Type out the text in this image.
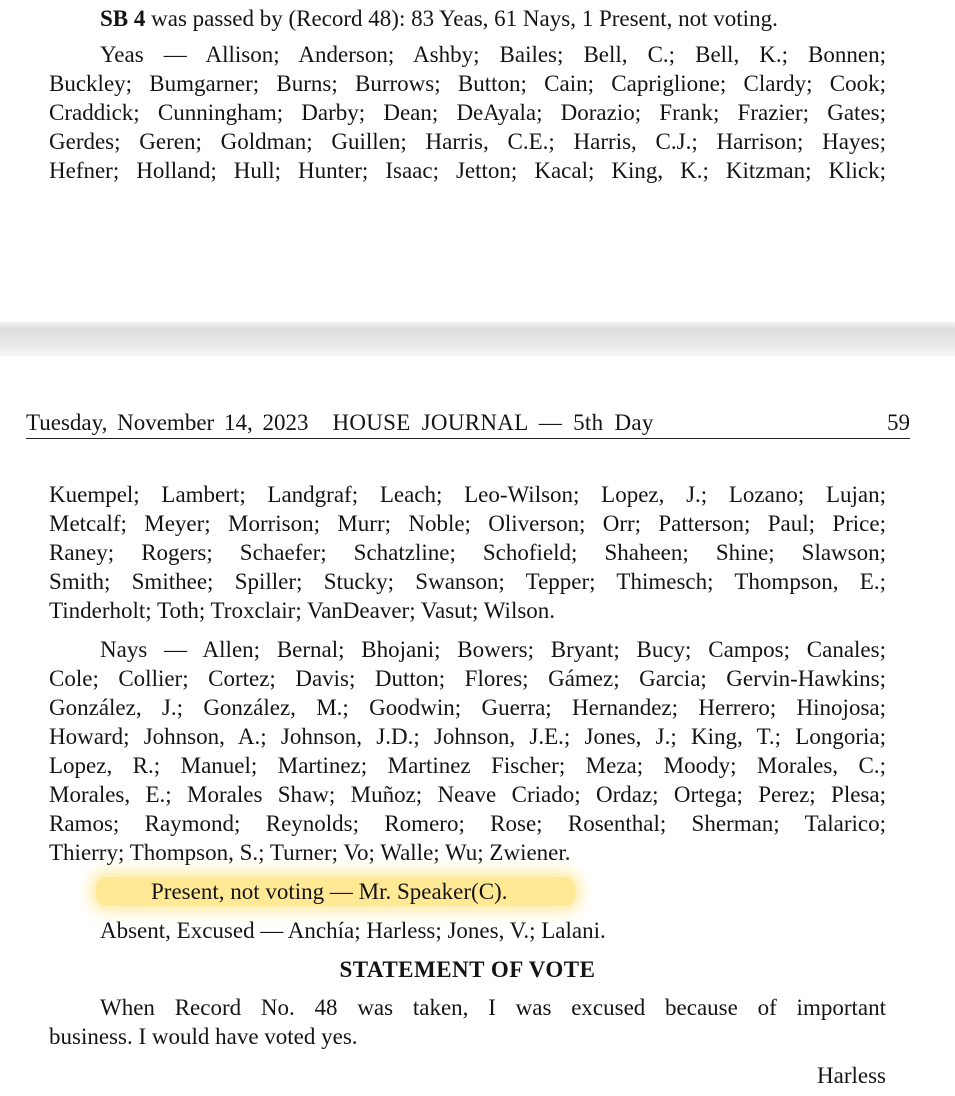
SB 4 was passed by (Record 48): 83 Yeas, 61 Nays, 1 Present, not voting.

Yeas — Allison; Anderson; Ashby; Bailes; Bell, C.; Bell, K.; Bonnen;

Buckley; Bumgarner; Burns; Burrows; Button; Cain; Capriglione; Clardy; Cook;

Craddick; Cunningham; Darby; Dean; DeAyala; Dorazio; Frank; Frazier; Gates;

Gerdes; Geren; Goldman; Guillen; Harris, C.E.; Harris, C.J.; Harrison; Hayes;

Hefner; Holland; Hull; Hunter; Isaac; Jetton; Kacal; King, K.; Kitzman; Klick;

Tuesday, November 14, 2023 HOUSE JOURNAL — 5th Day	59

Kuempel; Lambert; Landgraf; Leach; Leo-Wilson; Lopez, J.; Lozano; Lujan;

Metcalf; Meyer; Morrison; Murr; Noble; Oliverson; Orr; Patterson; Paul; Price;

Raney; Rogers; Schaefer; Schatzline; Schofield; Shaheen; Shine; Slawson;

Smith; Smithee; Spiller; Stucky; Swanson; Tepper; Thimesch; Thompson, E.;

Tinderholt; Toth; Troxclair; VanDeaver; Vasut; Wilson.

Nays — Allen; Bernal; Bhojani; Bowers; Bryant; Bucy; Campos; Canales;

Cole; Collier; Cortez; Davis; Dutton; Flores; Gámez; Garcia; Gervin-Hawkins;

González, J.; González, M.; Goodwin; Guerra; Hernandez; Herrero; Hinojosa;

Howard; Johnson, A.; Johnson, J.D.; Johnson, J.E.; Jones, J.; King, T.; Longoria;

Lopez, R.; Manuel; Martinez; Martinez Fischer; Meza; Moody; Morales, C.;

Morales, E.; Morales Shaw; Muñoz; Neave Criado; Ordaz; Ortega; Perez; Plesa;

Ramos; Raymond; Reynolds; Romero; Rose; Rosenthal; Sherman; Talarico;

Thierry; Thompson, S.; Turner; Vo; Walle; Wu; Zwiener.

Present, not voting — Mr. Speaker(C).

Absent, Excused — Anchía; Harless; Jones, V.; Lalani.

STATEMENT OF VOTE

When Record No. 48 was taken, I was excused because of important

business. I would have voted yes.

Harless
